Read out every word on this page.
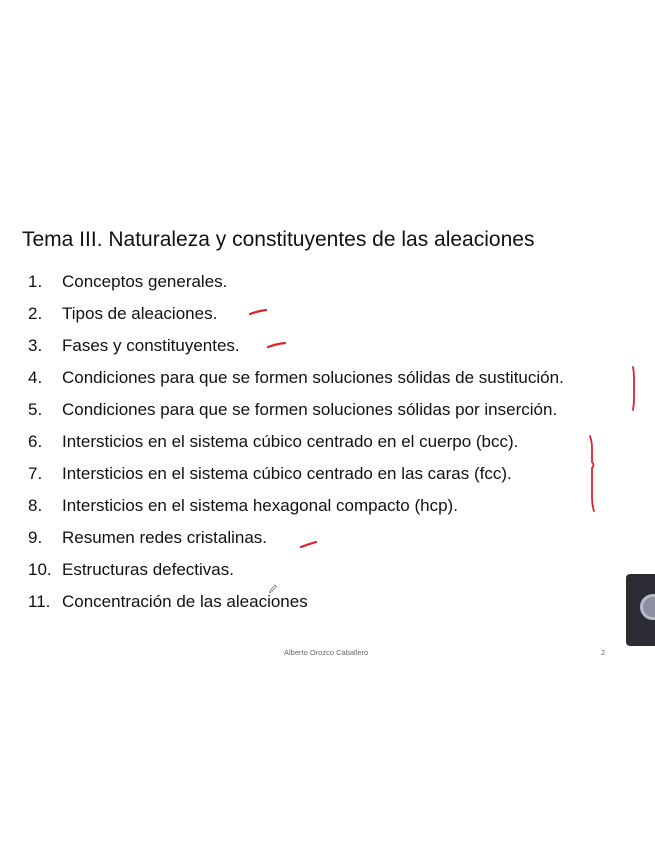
Tema III. Naturaleza y constituyentes de las aleaciones
1. Conceptos generales.
2. Tipos de aleaciones.
3. Fases y constituyentes.
4. Condiciones para que se formen soluciones sólidas de sustitución.
5. Condiciones para que se formen soluciones sólidas por inserción.
6. Intersticios en el sistema cúbico centrado en el cuerpo (bcc).
7. Intersticios en el sistema cúbico centrado en las caras (fcc).
8. Intersticios en el sistema hexagonal compacto (hcp).
9. Resumen redes cristalinas.
10. Estructuras defectivas.
11. Concentración de las aleaciones
Alberto Orozco Caballero	2
